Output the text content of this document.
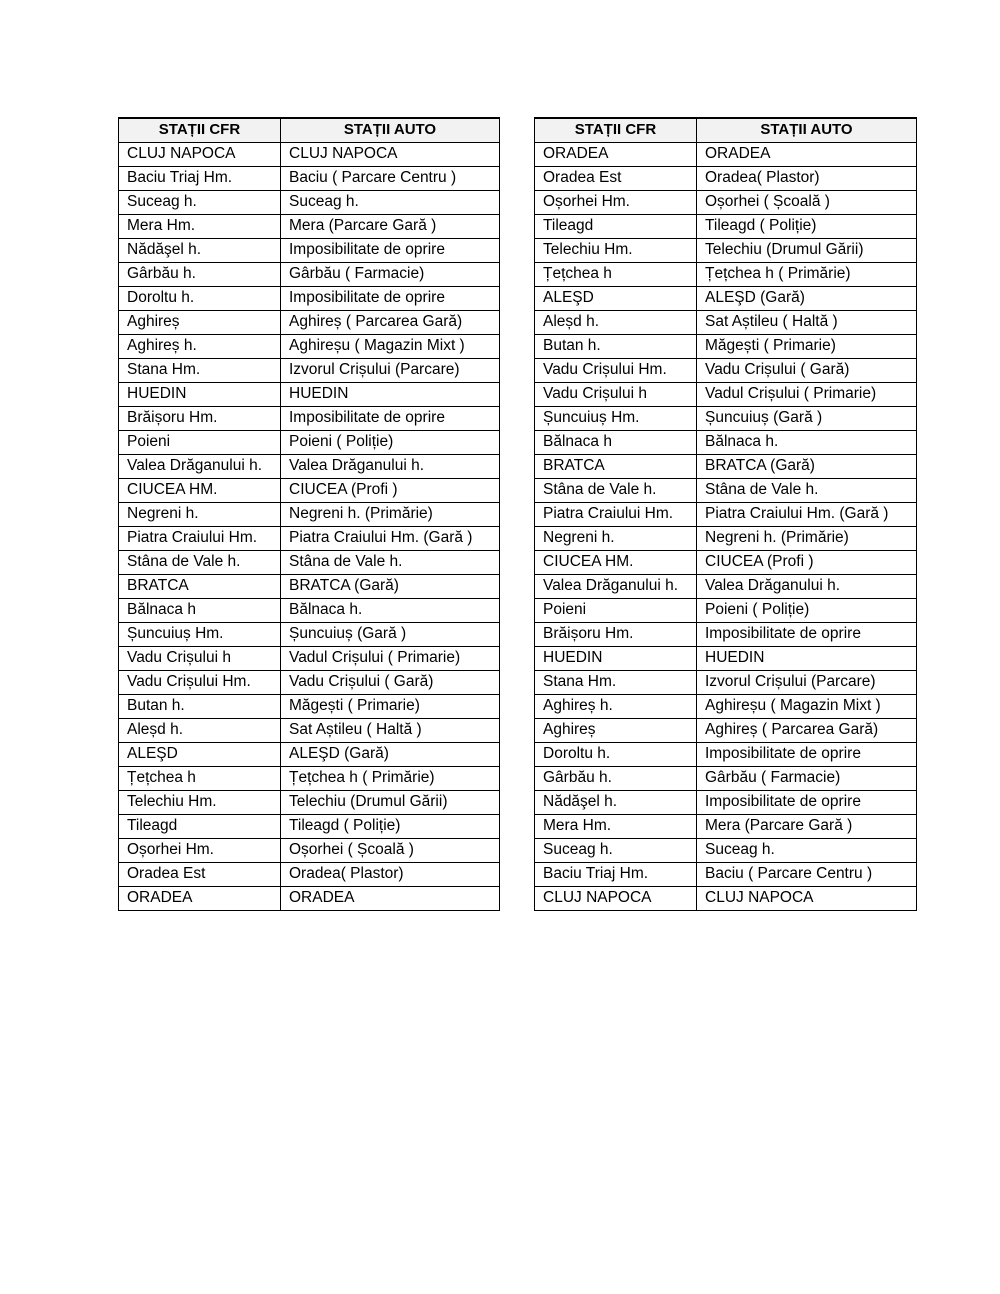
STAȚII CFR	STAȚII AUTO
CLUJ NAPOCA	CLUJ NAPOCA
Baciu Triaj Hm.	Baciu ( Parcare Centru )
Suceag h.	Suceag h.
Mera Hm.	Mera (Parcare Gară )
Nădăşel h.	Imposibilitate de oprire
Gârbău h.	Gârbău ( Farmacie)
Doroltu h.	Imposibilitate de oprire
Aghireș	Aghireș ( Parcarea Gară)
Aghireș h.	Aghireșu ( Magazin Mixt )
Stana Hm.	Izvorul Crișului (Parcare)
HUEDIN	HUEDIN
Brăișoru Hm.	Imposibilitate de oprire
Poieni	Poieni ( Poliție)
Valea Drăganului h.	Valea Drăganului h.
CIUCEA HM.	CIUCEA (Profi )
Negreni h.	Negreni h. (Primărie)
Piatra Craiului Hm.	Piatra Craiului Hm. (Gară )
Stâna de Vale h.	Stâna de Vale h.
BRATCA	BRATCA (Gară)
Bălnaca h	Bălnaca h.
Șuncuiuș Hm.	Șuncuiuș (Gară )
Vadu Crișului h	Vadul Crișului ( Primarie)
Vadu Crișului Hm.	Vadu Crișului ( Gară)
Butan h.	Măgești ( Primarie)
Aleșd h.	Sat Aștileu ( Haltă )
ALEŞD	ALEŞD (Gară)
Țețchea h	Țețchea h ( Primărie)
Telechiu Hm.	Telechiu (Drumul Gării)
Tileagd	Tileagd ( Poliție)
Oșorhei Hm.	Oșorhei ( Școală )
Oradea Est	Oradea( Plastor)
ORADEA	ORADEA
STAȚII CFR	STAȚII AUTO
ORADEA	ORADEA
Oradea Est	Oradea( Plastor)
Oșorhei Hm.	Oșorhei ( Școală )
Tileagd	Tileagd ( Poliție)
Telechiu Hm.	Telechiu (Drumul Gării)
Țețchea h	Țețchea h ( Primărie)
ALEŞD	ALEŞD (Gară)
Aleșd h.	Sat Aștileu ( Haltă )
Butan h.	Măgești ( Primarie)
Vadu Crișului Hm.	Vadu Crișului ( Gară)
Vadu Crișului h	Vadul Crișului ( Primarie)
Șuncuiuș Hm.	Șuncuiuș (Gară )
Bălnaca h	Bălnaca h.
BRATCA	BRATCA (Gară)
Stâna de Vale h.	Stâna de Vale h.
Piatra Craiului Hm.	Piatra Craiului Hm. (Gară )
Negreni h.	Negreni h. (Primărie)
CIUCEA HM.	CIUCEA (Profi )
Valea Drăganului h.	Valea Drăganului h.
Poieni	Poieni ( Poliție)
Brăișoru Hm.	Imposibilitate de oprire
HUEDIN	HUEDIN
Stana Hm.	Izvorul Crișului (Parcare)
Aghireș h.	Aghireșu ( Magazin Mixt )
Aghireș	Aghireș ( Parcarea Gară)
Doroltu h.	Imposibilitate de oprire
Gârbău h.	Gârbău ( Farmacie)
Nădăşel h.	Imposibilitate de oprire
Mera Hm.	Mera (Parcare Gară )
Suceag h.	Suceag h.
Baciu Triaj Hm.	Baciu ( Parcare Centru )
CLUJ NAPOCA	CLUJ NAPOCA
